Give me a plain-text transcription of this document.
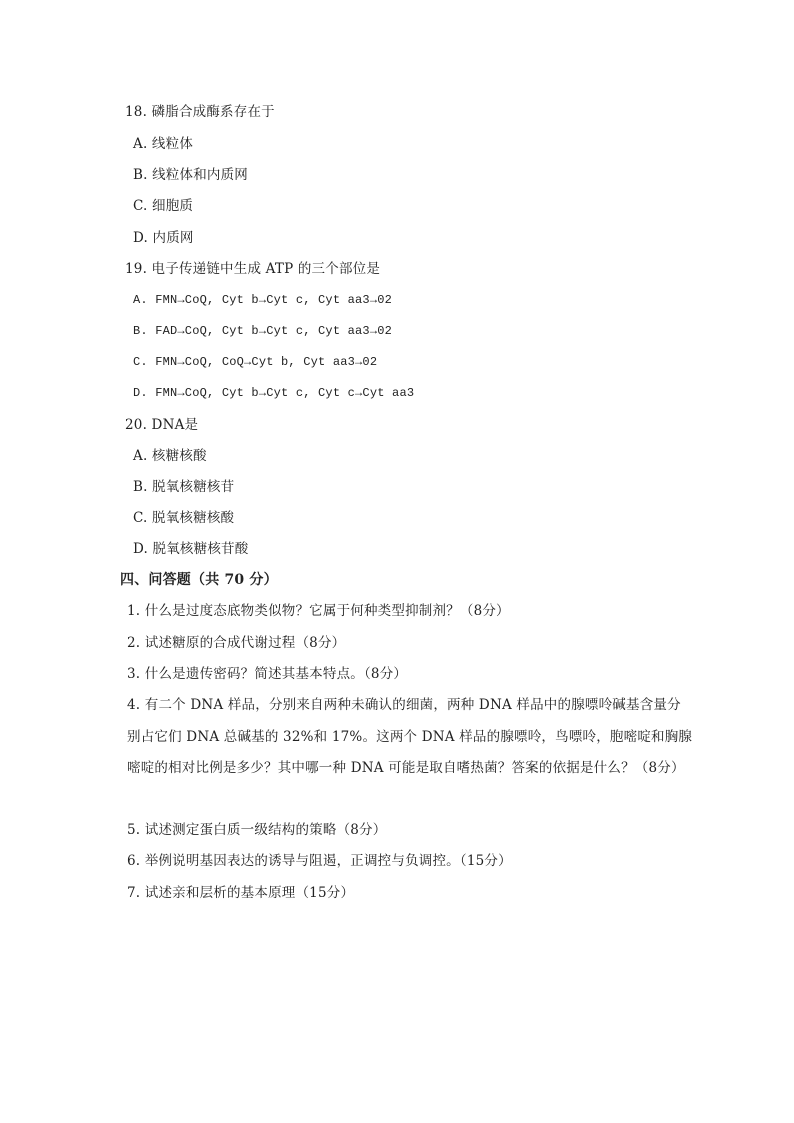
18. 磷脂合成酶系存在于
A. 线粒体
B. 线粒体和内质网
C. 细胞质
D. 内质网
19. 电子传递链中生成 ATP 的三个部位是
A. FMN→CoQ, Cyt b→Cyt c, Cyt aa3→02
B. FAD→CoQ, Cyt b→Cyt c, Cyt aa3→02
C. FMN→CoQ, CoQ→Cyt b, Cyt aa3→02
D. FMN→CoQ, Cyt b→Cyt c, Cyt c→Cyt aa3
20. DNA是
A. 核糖核酸
B. 脱氧核糖核苷
C. 脱氧核糖核酸
D. 脱氧核糖核苷酸
四、问答题（共 70 分）
1. 什么是过度态底物类似物？它属于何种类型抑制剂？（8分）
2. 试述糖原的合成代谢过程（8分）
3. 什么是遗传密码？简述其基本特点。（8分）
4. 有二个 DNA 样品，分别来自两种未确认的细菌，两种 DNA 样品中的腺嘌呤碱基含量分
别占它们 DNA 总碱基的 32%和 17%。这两个 DNA 样品的腺嘌呤，鸟嘌呤，胞嘧啶和胸腺
嘧啶的相对比例是多少？其中哪一种 DNA 可能是取自嗜热菌？答案的依据是什么？（8分）
5. 试述测定蛋白质一级结构的策略（8分）
6. 举例说明基因表达的诱导与阻遏，正调控与负调控。（15分）
7. 试述亲和层析的基本原理（15分）
